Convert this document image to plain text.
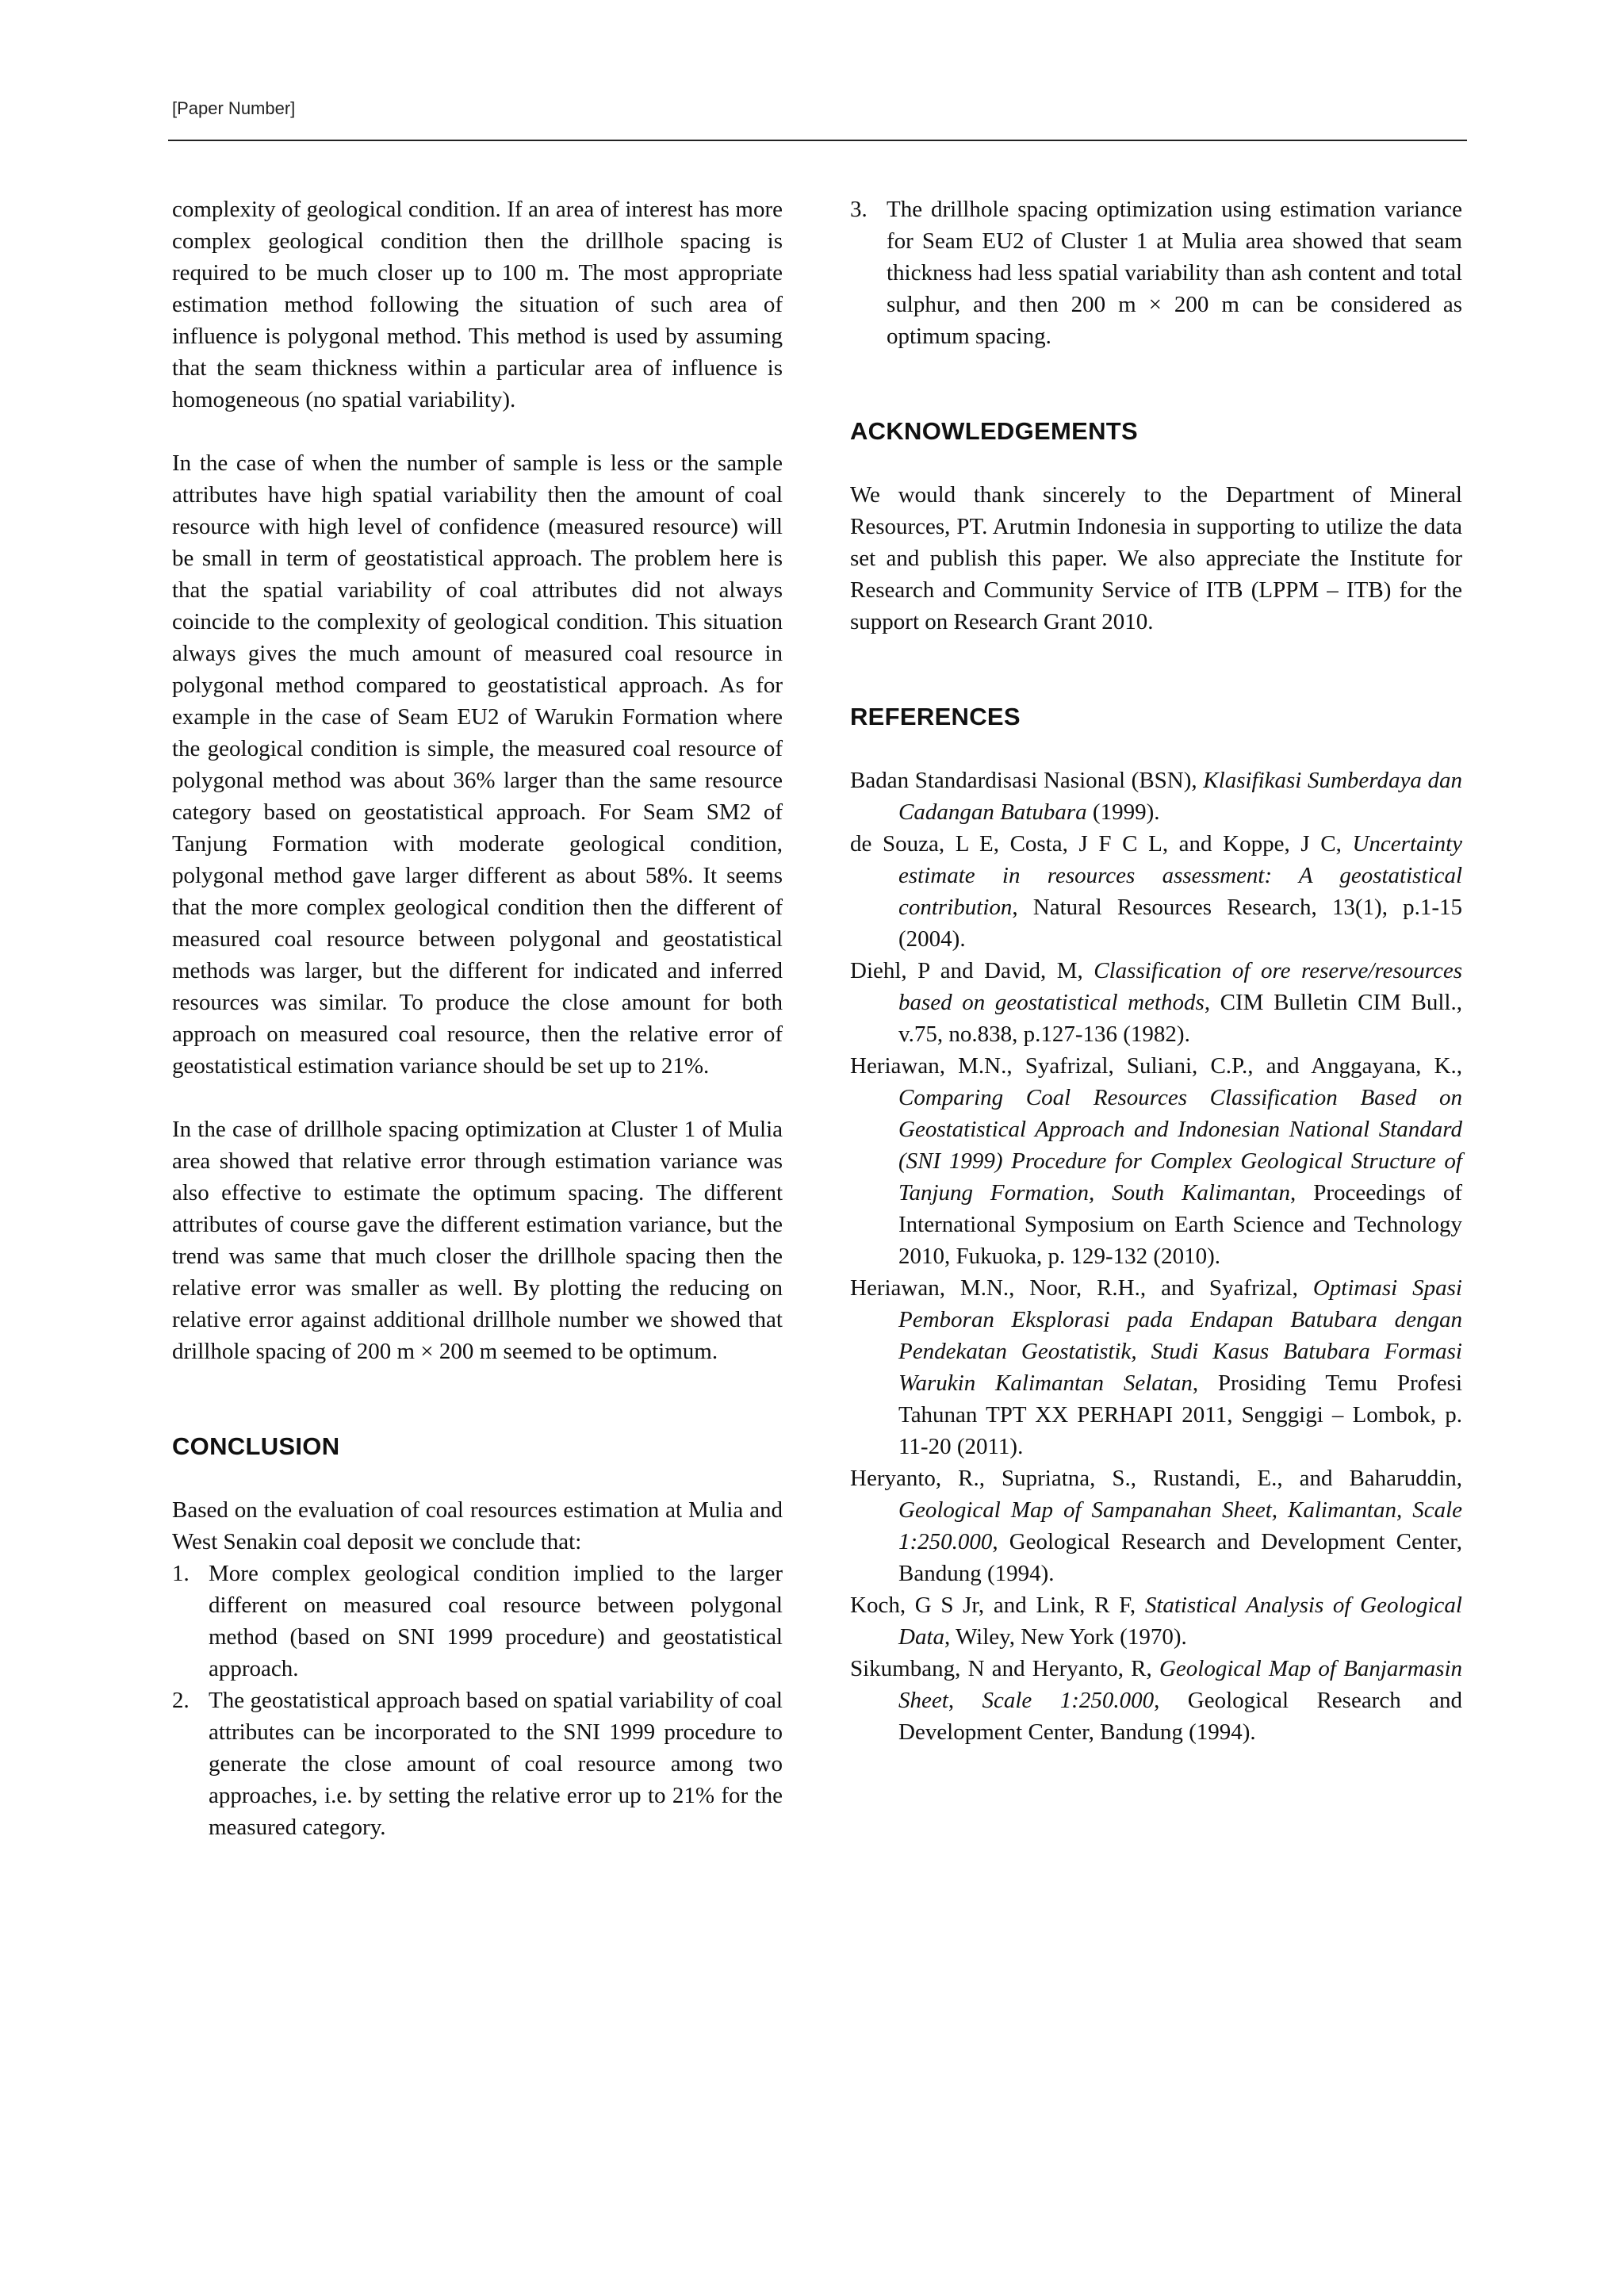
[Paper Number]

complexity of geological condition. If an area of interest has more complex geological condition then the drillhole spacing is required to be much closer up to 100 m. The most appropriate estimation method following the situation of such area of influence is polygonal method. This method is used by assuming that the seam thickness within a particular area of influence is homogeneous (no spatial variability).

In the case of when the number of sample is less or the sample attributes have high spatial variability then the amount of coal resource with high level of confidence (measured resource) will be small in term of geostatistical approach. The problem here is that the spatial variability of coal attributes did not always coincide to the complexity of geological condition. This situation always gives the much amount of measured coal resource in polygonal method compared to geostatistical approach. As for example in the case of Seam EU2 of Warukin Formation where the geological condition is simple, the measured coal resource of polygonal method was about 36% larger than the same resource category based on geostatistical approach. For Seam SM2 of Tanjung Formation with moderate geological condition, polygonal method gave larger different as about 58%. It seems that the more complex geological condition then the different of measured coal resource between polygonal and geostatistical methods was larger, but the different for indicated and inferred resources was similar. To produce the close amount for both approach on measured coal resource, then the relative error of geostatistical estimation variance should be set up to 21%.

In the case of drillhole spacing optimization at Cluster 1 of Mulia area showed that relative error through estimation variance was also effective to estimate the optimum spacing. The different attributes of course gave the different estimation variance, but the trend was same that much closer the drillhole spacing then the relative error was smaller as well. By plotting the reducing on relative error against additional drillhole number we showed that drillhole spacing of 200 m × 200 m seemed to be optimum.

CONCLUSION

Based on the evaluation of coal resources estimation at Mulia and West Senakin coal deposit we conclude that:

1. More complex geological condition implied to the larger different on measured coal resource between polygonal method (based on SNI 1999 procedure) and geostatistical approach.
2. The geostatistical approach based on spatial variability of coal attributes can be incorporated to the SNI 1999 procedure to generate the close amount of coal resource among two approaches, i.e. by setting the relative error up to 21% for the measured category.
3. The drillhole spacing optimization using estimation variance for Seam EU2 of Cluster 1 at Mulia area showed that seam thickness had less spatial variability than ash content and total sulphur, and then 200 m × 200 m can be considered as optimum spacing.
ACKNOWLEDGEMENTS

We would thank sincerely to the Department of Mineral Resources, PT. Arutmin Indonesia in supporting to utilize the data set and publish this paper. We also appreciate the Institute for Research and Community Service of ITB (LPPM – ITB) for the support on Research Grant 2010.

REFERENCES
Badan Standardisasi Nasional (BSN), Klasifikasi Sumberdaya dan Cadangan Batubara (1999).
de Souza, L E, Costa, J F C L, and Koppe, J C, Uncertainty estimate in resources assessment: A geostatistical contribution, Natural Resources Research, 13(1), p.1-15 (2004).
Diehl, P and David, M, Classification of ore reserve/resources based on geostatistical methods, CIM Bulletin CIM Bull., v.75, no.838, p.127-136 (1982).
Heriawan, M.N., Syafrizal, Suliani, C.P., and Anggayana, K., Comparing Coal Resources Classification Based on Geostatistical Approach and Indonesian National Standard (SNI 1999) Procedure for Complex Geological Structure of Tanjung Formation, South Kalimantan, Proceedings of International Symposium on Earth Science and Technology 2010, Fukuoka, p. 129-132 (2010).
Heriawan, M.N., Noor, R.H., and Syafrizal, Optimasi Spasi Pemboran Eksplorasi pada Endapan Batubara dengan Pendekatan Geostatistik, Studi Kasus Batubara Formasi Warukin Kalimantan Selatan, Prosiding Temu Profesi Tahunan TPT XX PERHAPI 2011, Senggigi – Lombok, p. 11-20 (2011).
Heryanto, R., Supriatna, S., Rustandi, E., and Baharuddin, Geological Map of Sampanahan Sheet, Kalimantan, Scale 1:250.000, Geological Research and Development Center, Bandung (1994).
Koch, G S Jr, and Link, R F, Statistical Analysis of Geological Data, Wiley, New York (1970).
Sikumbang, N and Heryanto, R, Geological Map of Banjarmasin Sheet, Scale 1:250.000, Geological Research and Development Center, Bandung (1994).
